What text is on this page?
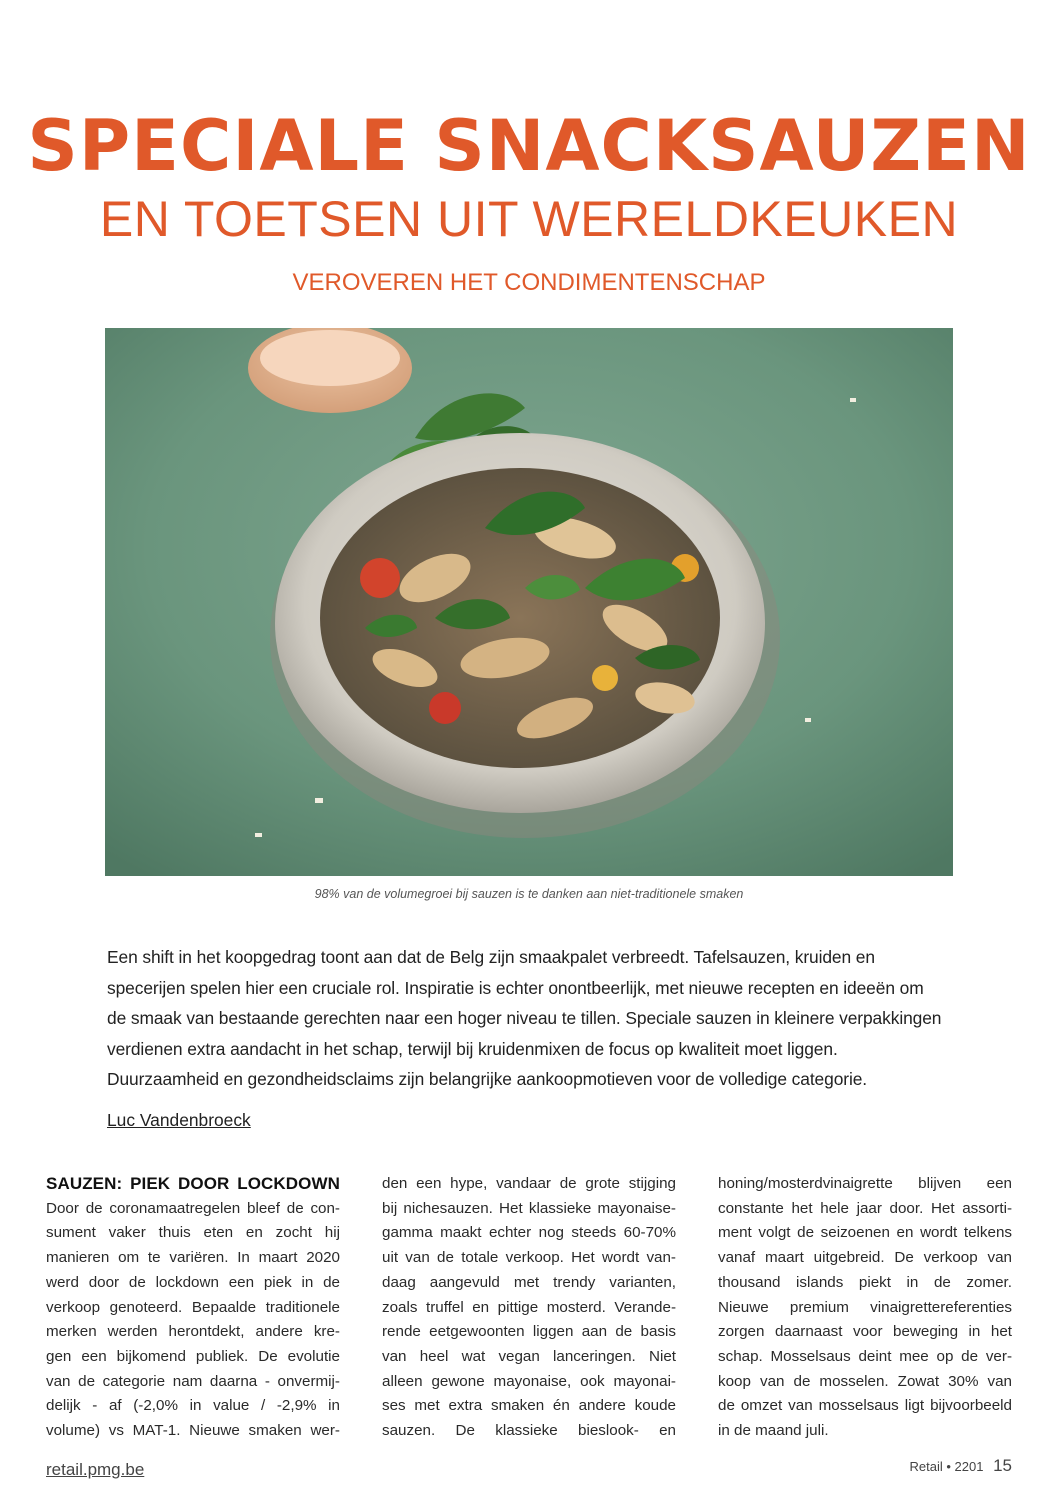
SPECIALE SNACKSAUZEN
EN TOETSEN UIT WERELDKEUKEN
VEROVEREN HET CONDIMENTENSCHAP
98% van de volumegroei bij sauzen is te danken aan niet-traditionele smaken
Een shift in het koopgedrag toont aan dat de Belg zijn smaakpalet verbreedt. Tafelsauzen, kruiden en specerijen spelen hier een cruciale rol. Inspiratie is echter onontbeerlijk, met nieuwe recepten en ideeën om de smaak van bestaande gerechten naar een hoger niveau te tillen. Speciale sauzen in kleinere verpakkingen verdienen extra aandacht in het schap, terwijl bij kruidenmixen de focus op kwaliteit moet liggen. Duurzaamheid en gezondheidsclaims zijn belangrijke aankoopmotieven voor de volledige categorie.
Luc Vandenbroeck
SAUZEN: PIEK DOOR LOCKDOWN
Door de coronamaatregelen bleef de con-
sument vaker thuis eten en zocht hij
manieren om te variëren. In maart 2020
werd door de lockdown een piek in de
verkoop genoteerd. Bepaalde traditionele
merken werden herontdekt, andere kre-
gen een bijkomend publiek. De evolutie
van de categorie nam daarna - onvermij-
delijk - af (-2,0% in value / -2,9% in
volume) vs MAT-1. Nieuwe smaken wer-
den een hype, vandaar de grote stijging
bij nichesauzen. Het klassieke mayonaise-
gamma maakt echter nog steeds 60-70%
uit van de totale verkoop. Het wordt van-
daag aangevuld met trendy varianten,
zoals truffel en pittige mosterd. Verande-
rende eetgewoonten liggen aan de basis
van heel wat vegan lanceringen. Niet
alleen gewone mayonaise, ook mayonai-
ses met extra smaken én andere koude
sauzen. De klassieke bieslook- en
honing/mosterdvinaigrette blijven een
constante het hele jaar door. Het assorti-
ment volgt de seizoenen en wordt telkens
vanaf maart uitgebreid. De verkoop van
thousand islands piekt in de zomer.
Nieuwe premium vinaigrettereferenties
zorgen daarnaast voor beweging in het
schap. Mosselsaus deint mee op de ver-
koop van de mosselen. Zowat 30% van
de omzet van mosselsaus ligt bijvoorbeeld
in de maand juli.
retail.pmg.be	Retail • 2201 15
